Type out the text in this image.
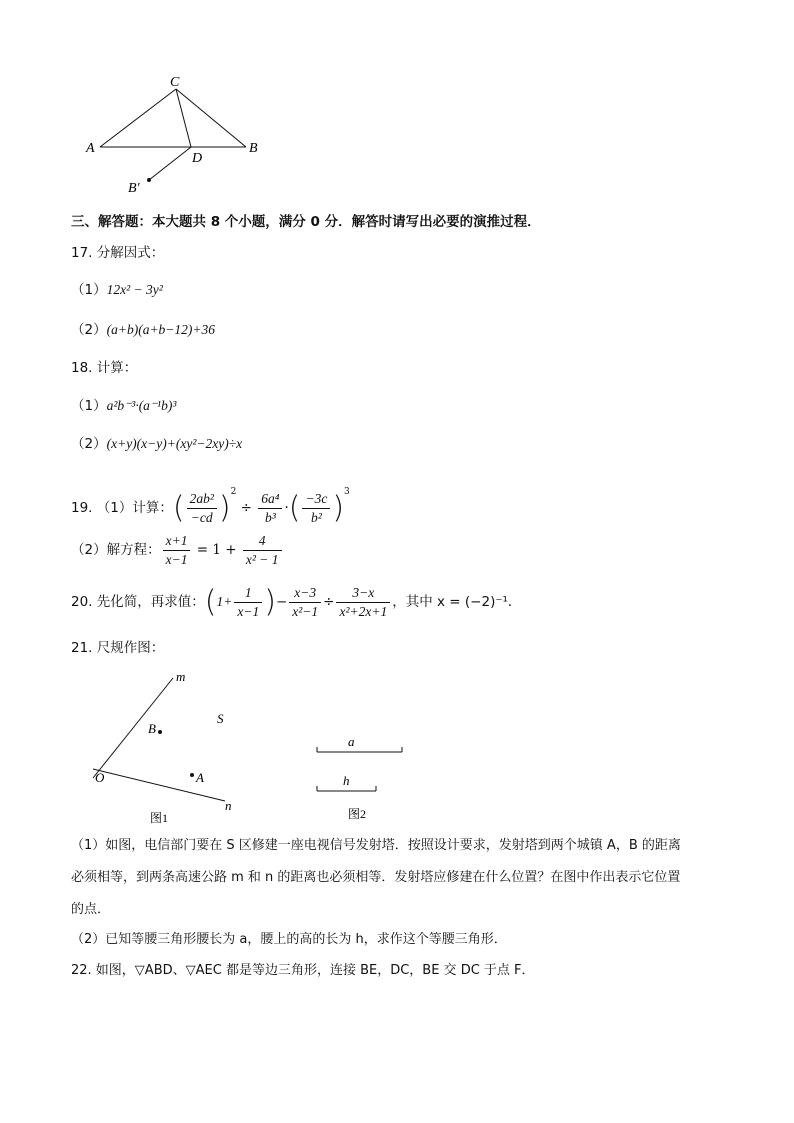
C
A	B
D
B′
三、解答题：本大题共 8 个小题，满分 0 分．解答时请写出必要的演推过程．
17. 分解因式：
（1）12x² − 3y²
（2）(a+b)(a+b−12)+36
18. 计算：
（1）a²b⁻³·(a⁻¹b)³
（2）(x+y)(x−y)+(xy²−2xy)÷x
19. （1）计算：( $\frac{\text{2ab²}}{-cd} )^2 \div \frac{\text{6a⁴}}{\text{b³}}$ ·( $\frac{-3c}{\text{b²}} )^3$
（2）解方程： $\frac{x+1}{x-1} = 1 + \frac{4}{\text{x² − 1}}$
20. 先化简，再求值：($1+ \frac{1}{x-1}$ )− $\frac{x-3}{\text{x²−1}} \div \frac{3-x}{\text{x²+2x+1}}$ ，其中 x = (−2)⁻¹．
21. 尺规作图：
m
n
O
B
A
S
图1
a
h
图2
（1）如图，电信部门要在 S 区修建一座电视信号发射塔．按照设计要求，发射塔到两个城镇 A，B 的距离
必须相等，到两条高速公路 m 和 n 的距离也必须相等．发射塔应修建在什么位置？在图中作出表示它位置
的点．
（2）已知等腰三角形腰长为 a，腰上的高的长为 h，求作这个等腰三角形．
22. 如图，▽ABD、▽AEC 都是等边三角形，连接 BE，DC，BE 交 DC 于点 F．
